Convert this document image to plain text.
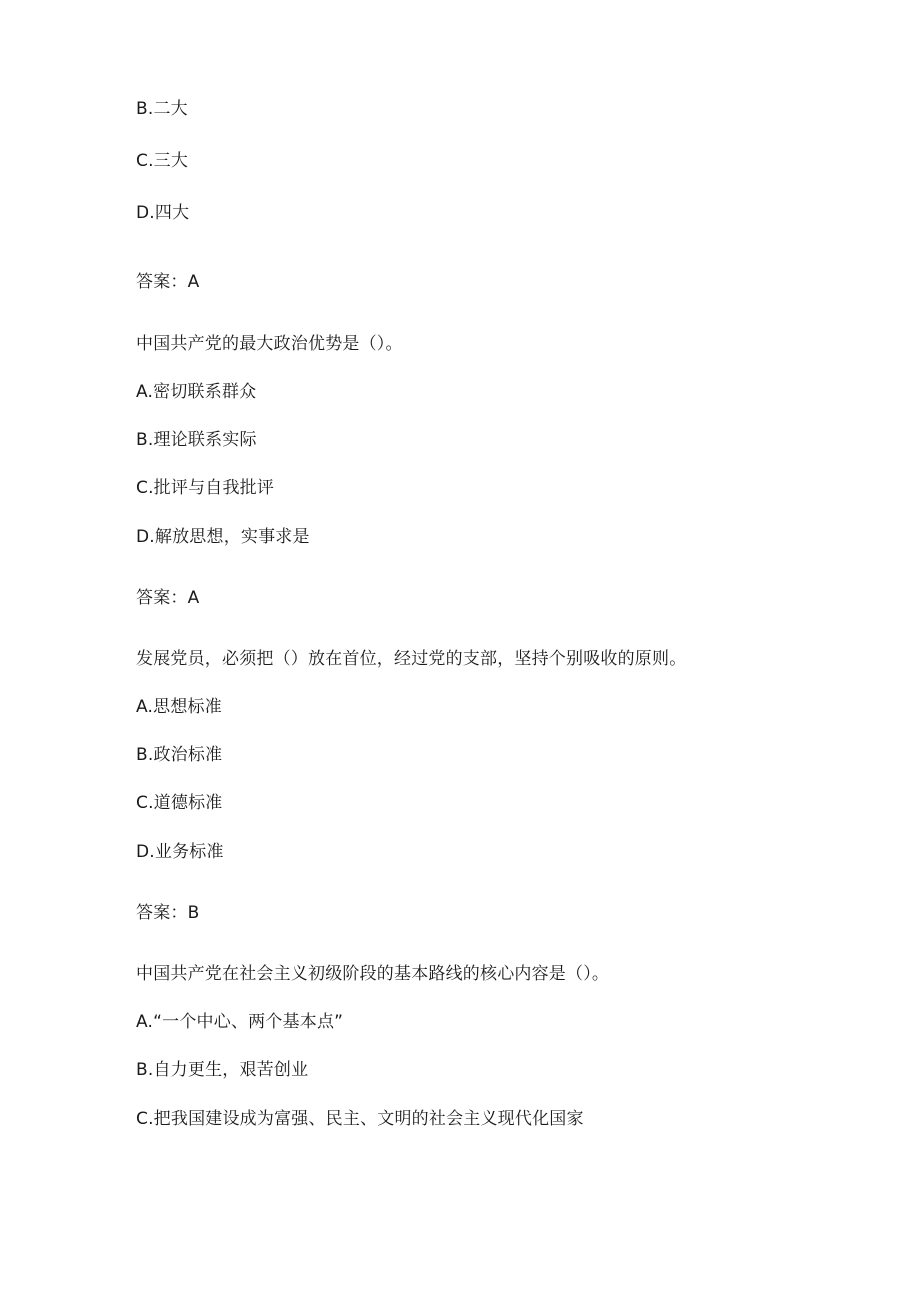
B.二大
C.三大
D.四大
答案：A
中国共产党的最大政治优势是（）。
A.密切联系群众
B.理论联系实际
C.批评与自我批评
D.解放思想，实事求是
答案：A
发展党员，必须把（）放在首位，经过党的支部，坚持个别吸收的原则。
A.思想标准
B.政治标准
C.道德标准
D.业务标准
答案：B
中国共产党在社会主义初级阶段的基本路线的核心内容是（）。
A.“一个中心、两个基本点”
B.自力更生，艰苦创业
C.把我国建设成为富强、民主、文明的社会主义现代化国家
